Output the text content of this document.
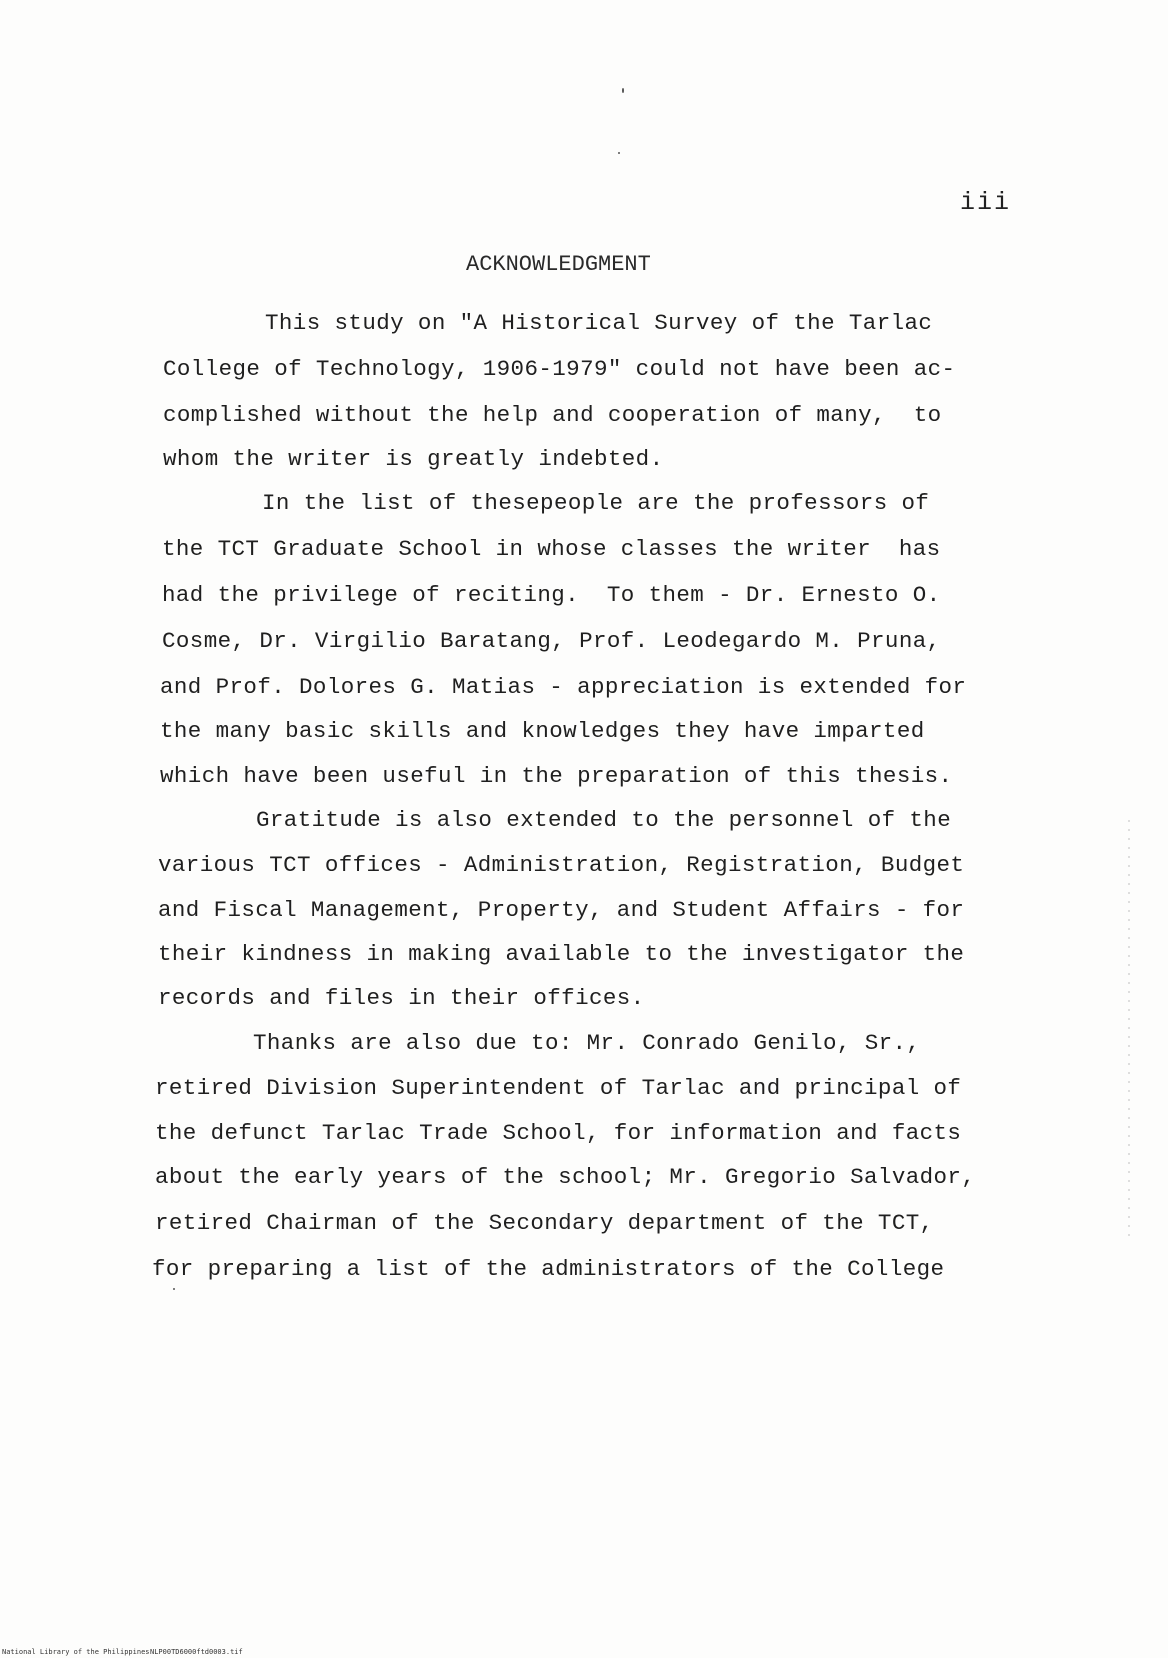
iii
ACKNOWLEDGMENT
This study on "A Historical Survey of the Tarlac
College of Technology, 1906-1979" could not have been ac-
complished without the help and cooperation of many,  to
whom the writer is greatly indebted.
In the list of thesepeople are the professors of
the TCT Graduate School in whose classes the writer  has
had the privilege of reciting.  To them - Dr. Ernesto O.
Cosme, Dr. Virgilio Baratang, Prof. Leodegardo M. Pruna,
and Prof. Dolores G. Matias - appreciation is extended for
the many basic skills and knowledges they have imparted
which have been useful in the preparation of this thesis.
Gratitude is also extended to the personnel of the
various TCT offices - Administration, Registration, Budget
and Fiscal Management, Property, and Student Affairs - for
their kindness in making available to the investigator the
records and files in their offices.
Thanks are also due to: Mr. Conrado Genilo, Sr.,
retired Division Superintendent of Tarlac and principal of
the defunct Tarlac Trade School, for information and facts
about the early years of the school; Mr. Gregorio Salvador,
retired Chairman of the Secondary department of the TCT,
for preparing a list of the administrators of the College
National Library of the Philippines NLP00TD6000ftd0003.tif
